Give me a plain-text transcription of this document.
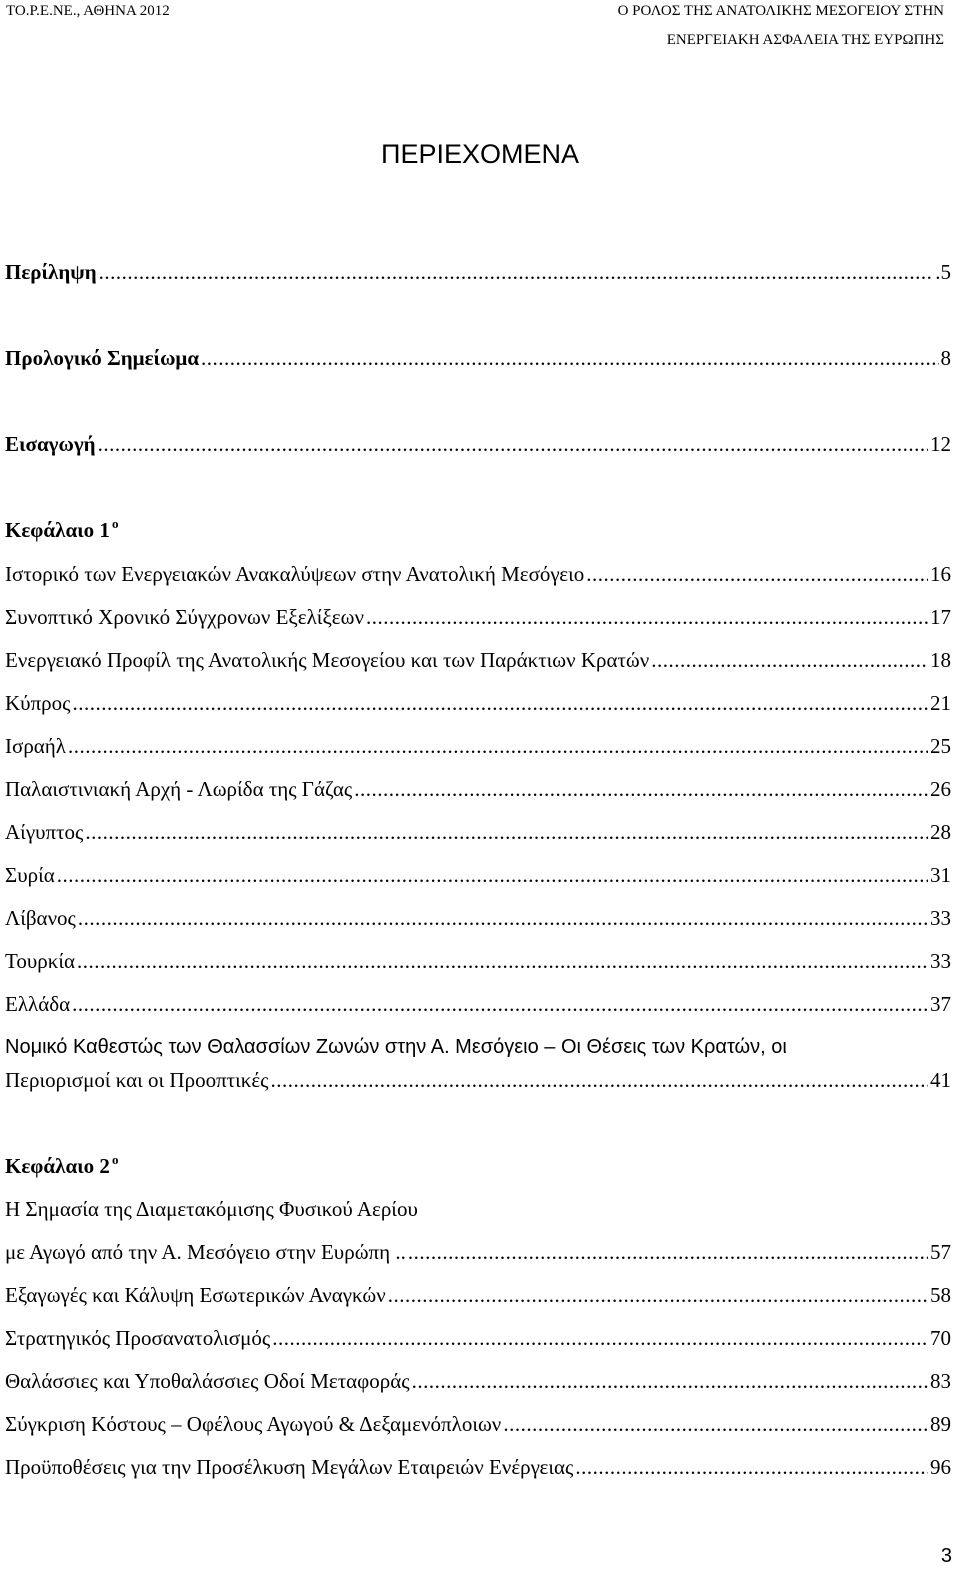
ΤΟ.Ρ.Ε.ΝΕ., ΑΘΗΝΑ 2012	Ο ΡΟΛΟΣ ΤΗΣ ΑΝΑΤΟΛΙΚΗΣ ΜΕΣΟΓΕΙΟΥ ΣΤΗΝ
ΕΝΕΡΓΕΙΑΚΗ ΑΣΦΑΛΕΙΑ ΤΗΣ ΕΥΡΩΠΗΣ
ΠΕΡΙΕΧΟΜΕΝΑ
Περίληψη .....	.5
Προλογικό Σημείωμα .....	8
Εισαγωγή .....	12
Κεφάλαιο 1 $^o$
Ιστορικό των Ενεργειακών Ανακαλύψεων στην Ανατολική Μεσόγειο .....	16
Συνοπτικό Χρονικό Σύγχρονων Εξελίξεων .....	17
Ενεργειακό Προφίλ της Ανατολικής Μεσογείου και των Παράκτιων Κρατών .....	18
Κύπρος .....	21
Ισραήλ .....	25
Παλαιστινιακή Αρχή - Λωρίδα της Γάζας .....	26
Αίγυπτος .....	28
Συρία .....	31
Λίβανος .....	33
Τουρκία .....	33
Ελλάδα .....	37
Νομικό Καθεστώς των Θαλασσίων Ζωνών στην Α. Μεσόγειο – Οι Θέσεις των Κρατών, οι
Περιορισμοί και οι Προοπτικές .....	41
Κεφάλαιο 2 $^o$
Η Σημασία της Διαμετακόμισης Φυσικού Αερίου
με Αγωγό από την Α. Μεσόγειο στην Ευρώπη .. .....	57
Εξαγωγές και Κάλυψη Εσωτερικών Αναγκών .....	58
Στρατηγικός Προσανατολισμός .....	70
Θαλάσσιες και Υποθαλάσσιες Οδοί Μεταφοράς .....	83
Σύγκριση Κόστους – Οφέλους Αγωγού & Δεξαμενόπλοιων .....	89
Προϋποθέσεις για την Προσέλκυση Μεγάλων Εταιρειών Ενέργειας .....	96
3
